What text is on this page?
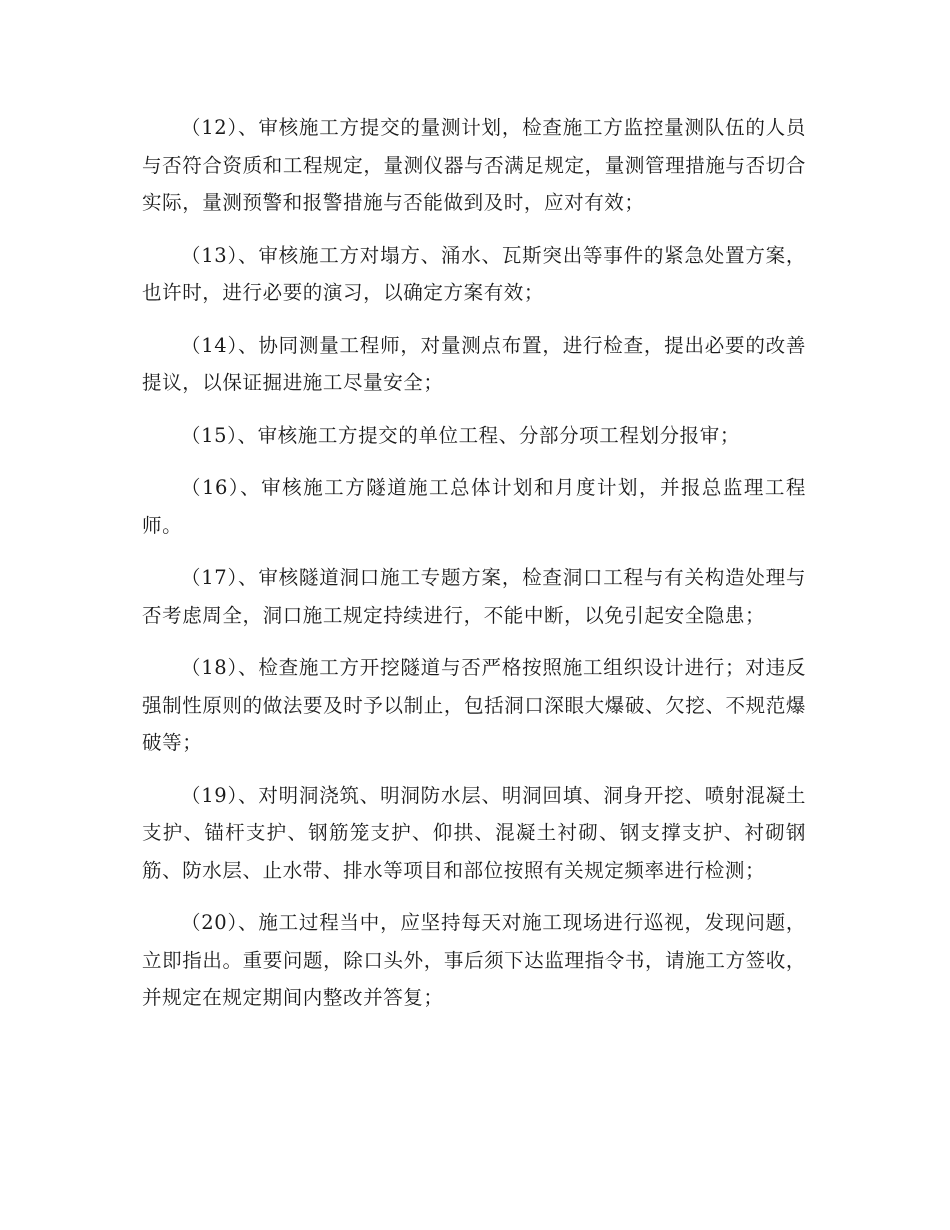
（12）、审核施工方提交的量测计划，检查施工方监控量测队伍的人员与否符合资质和工程规定，量测仪器与否满足规定，量测管理措施与否切合实际，量测预警和报警措施与否能做到及时，应对有效；

（13）、审核施工方对塌方、涌水、瓦斯突出等事件的紧急处置方案，也许时，进行必要的演习，以确定方案有效；

（14）、协同测量工程师，对量测点布置，进行检查，提出必要的改善提议，以保证掘进施工尽量安全；

（15）、审核施工方提交的单位工程、分部分项工程划分报审；

（16）、审核施工方隧道施工总体计划和月度计划，并报总监理工程师。

（17）、审核隧道洞口施工专题方案，检查洞口工程与有关构造处理与否考虑周全，洞口施工规定持续进行，不能中断，以免引起安全隐患；

（18）、检查施工方开挖隧道与否严格按照施工组织设计进行；对违反强制性原则的做法要及时予以制止，包括洞口深眼大爆破、欠挖、不规范爆破等；

（19）、对明洞浇筑、明洞防水层、明洞回填、洞身开挖、喷射混凝土支护、锚杆支护、钢筋笼支护、仰拱、混凝土衬砌、钢支撑支护、衬砌钢筋、防水层、止水带、排水等项目和部位按照有关规定频率进行检测；

（20）、施工过程当中，应坚持每天对施工现场进行巡视，发现问题，立即指出。重要问题，除口头外，事后须下达监理指令书，请施工方签收，并规定在规定期间内整改并答复；
